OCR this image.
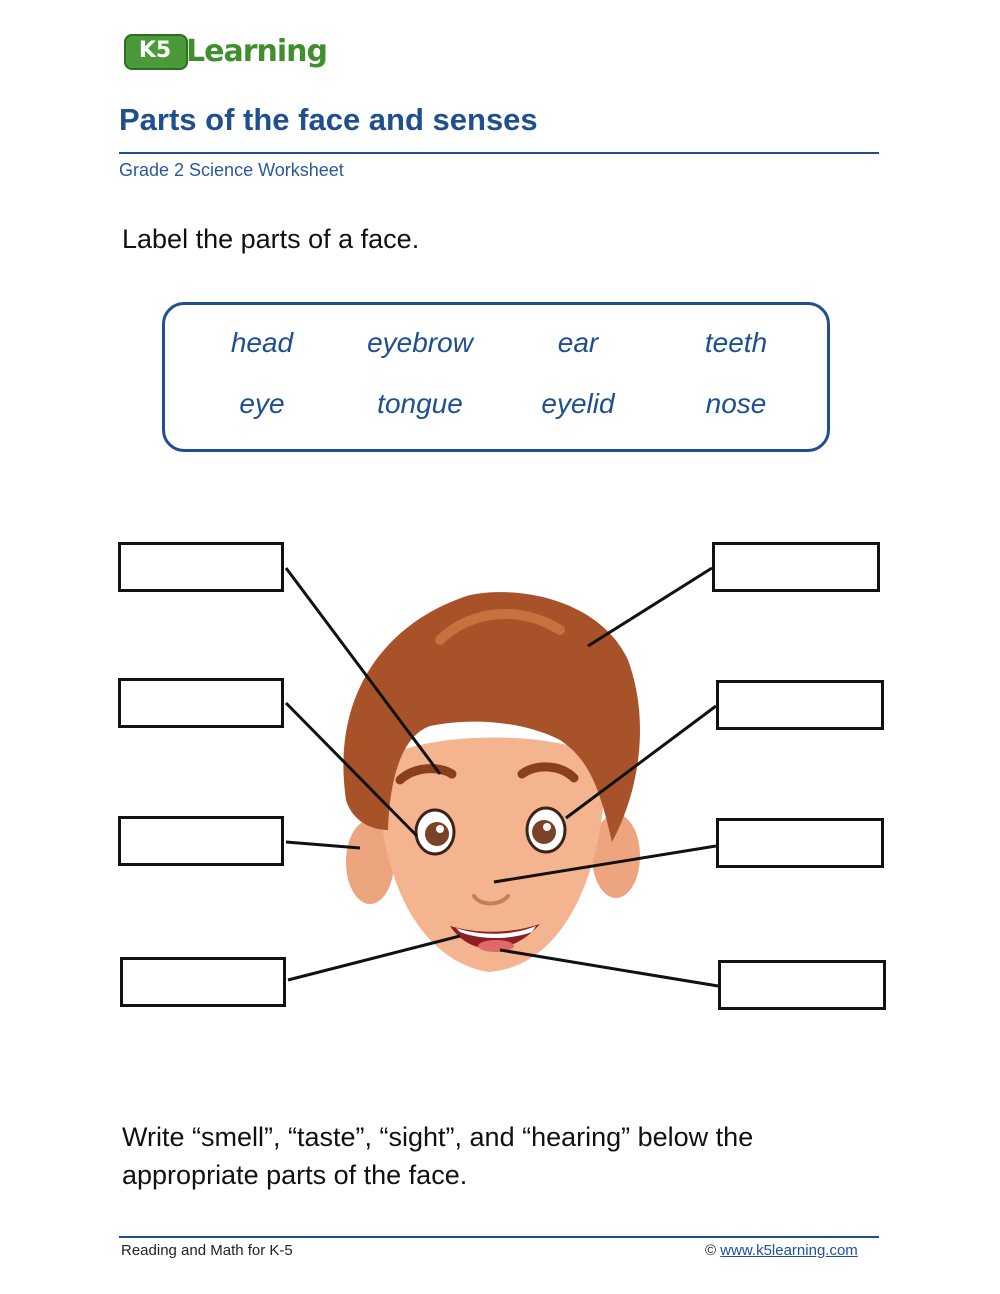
K5 Learning
Parts of the face and senses
Grade 2 Science Worksheet
Label the parts of a face.
head	eyebrow	ear	teeth
eye	tongue	eyelid	nose
Write “smell”, “taste”, “sight”, and “hearing” below the appropriate parts of the face.
Reading and Math for K-5	© www.k5learning.com
